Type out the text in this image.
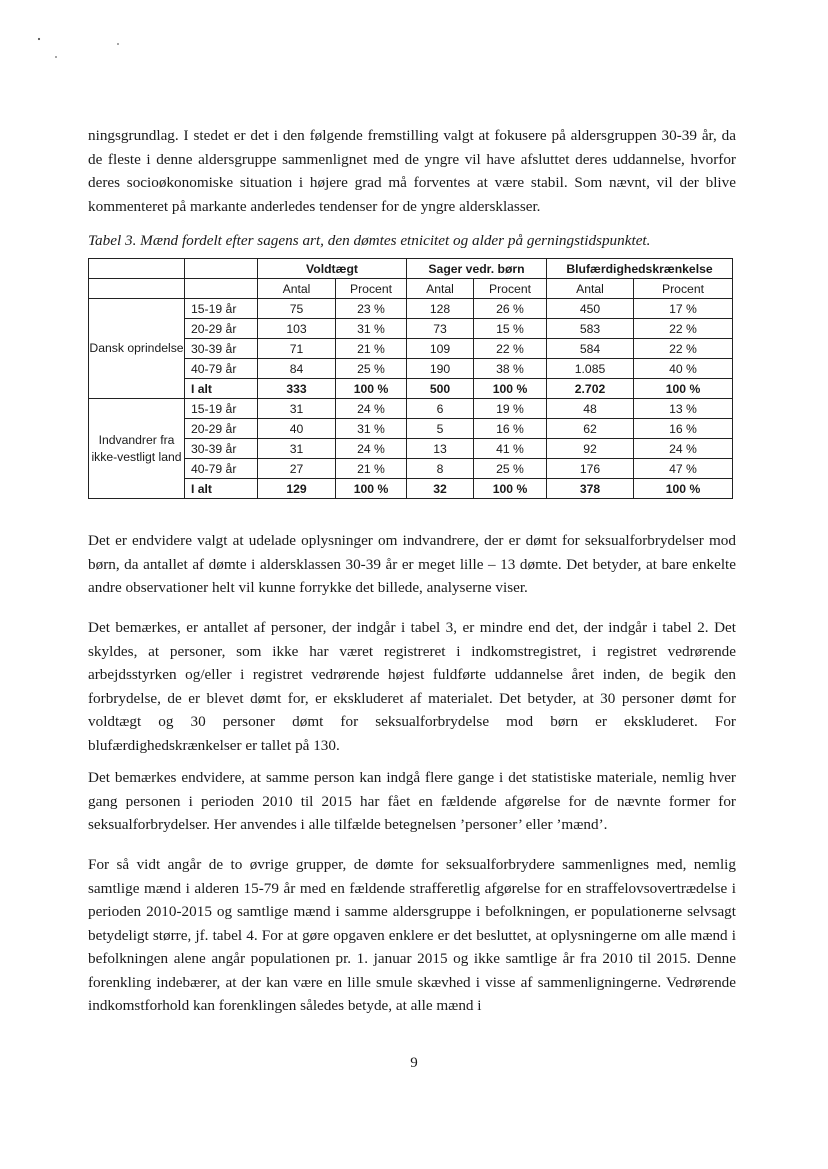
ningsgrundlag. I stedet er det i den følgende fremstilling valgt at fokusere på aldersgruppen 30-39 år, da de fleste i denne aldersgruppe sammenlignet med de yngre vil have afsluttet deres uddannelse, hvorfor deres socioøkonomiske situation i højere grad må forventes at være stabil. Som nævnt, vil der blive kommenteret på markante anderledes tendenser for de yngre aldersklasser.

Tabel 3. Mænd fordelt efter sagens art, den dømtes etnicitet og alder på gerningstidspunktet.

		Voldtægt		Sager vedr. børn		Blufærdighedskrænkelse	
		Antal	Procent	Antal	Procent	Antal	Procent
Dansk oprindelse	15-19 år	75	23 %	128	26 %	450	17 %
	20-29 år	103	31 %	73	15 %	583	22 %
	30-39 år	71	21 %	109	22 %	584	22 %
	40-79 år	84	25 %	190	38 %	1.085	40 %
	I alt	333	100 %	500	100 %	2.702	100 %
Indvandrer fra ikke-vestligt land	15-19 år	31	24 %	6	19 %	48	13 %
	20-29 år	40	31 %	5	16 %	62	16 %
	30-39 år	31	24 %	13	41 %	92	24 %
	40-79 år	27	21 %	8	25 %	176	47 %
	I alt	129	100 %	32	100 %	378	100 %

Det er endvidere valgt at udelade oplysninger om indvandrere, der er dømt for seksualforbrydelser mod børn, da antallet af dømte i aldersklassen 30-39 år er meget lille – 13 dømte. Det betyder, at bare enkelte andre observationer helt vil kunne forrykke det billede, analyserne viser.

Det bemærkes, er antallet af personer, der indgår i tabel 3, er mindre end det, der indgår i tabel 2. Det skyldes, at personer, som ikke har været registreret i indkomstregistret, i registret vedrørende arbejdsstyrken og/eller i registret vedrørende højest fuldførte uddannelse året inden, de begik den forbrydelse, de er blevet dømt for, er ekskluderet af materialet. Det betyder, at 30 personer dømt for voldtægt og 30 personer dømt for seksualforbrydelse mod børn er ekskluderet. For blufærdighedskrænkelser er tallet på 130.

Det bemærkes endvidere, at samme person kan indgå flere gange i det statistiske materiale, nemlig hver gang personen i perioden 2010 til 2015 har fået en fældende afgørelse for de nævnte former for seksualforbrydelser. Her anvendes i alle tilfælde betegnelsen ’personer’ eller ’mænd’.

For så vidt angår de to øvrige grupper, de dømte for seksualforbrydere sammenlignes med, nemlig samtlige mænd i alderen 15-79 år med en fældende strafferetlig afgørelse for en straffelovsovertrædelse i perioden 2010-2015 og samtlige mænd i samme aldersgruppe i befolkningen, er populationerne selvsagt betydeligt større, jf. tabel 4. For at gøre opgaven enklere er det besluttet, at oplysningerne om alle mænd i befolkningen alene angår populationen pr. 1. januar 2015 og ikke samtlige år fra 2010 til 2015. Denne forenkling indebærer, at der kan være en lille smule skævhed i visse af sammenligningerne. Vedrørende indkomstforhold kan forenklingen således betyde, at alle mænd i

9
